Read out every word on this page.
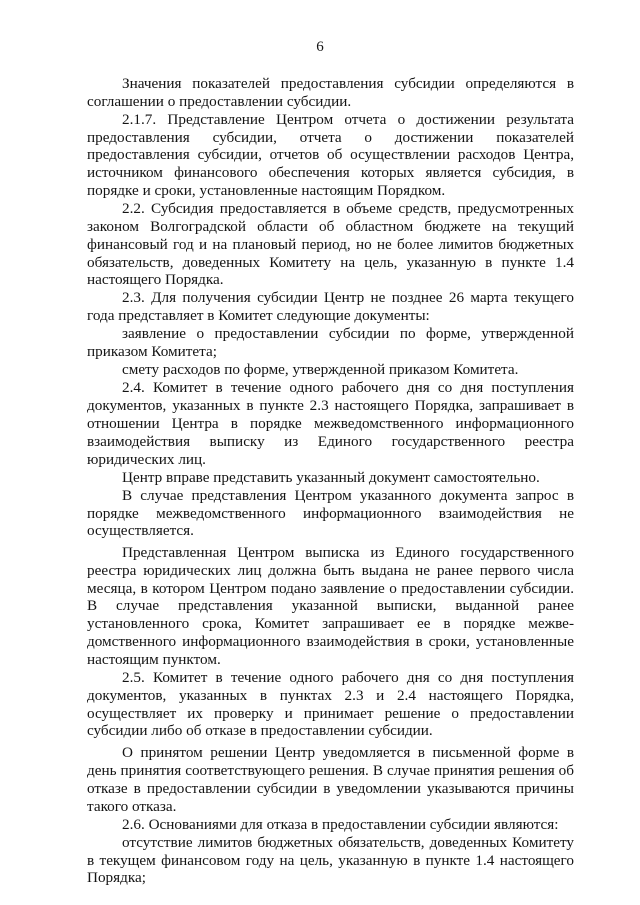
6

Значения показателей предоставления субсидии определяются в соглашении о предоставлении субсидии.

2.1.7. Представление Центром отчета о достижении результата предоставления субсидии, отчета о достижении показателей предоставления субсидии, отчетов об осуществлении расходов Центра, источником финансового обеспечения которых является субсидия, в порядке и сроки, установленные настоящим Порядком.

2.2. Субсидия предоставляется в объеме средств, предусмотренных законом Волгоградской области об областном бюджете на текущий финансовый год и на плановый период, но не более лимитов бюджетных обязательств, доведенных Комитету на цель, указанную в пункте 1.4 настоящего Порядка.

2.3. Для получения субсидии Центр не позднее 26 марта текущего года представляет в Комитет следующие документы:

заявление о предоставлении субсидии по форме, утвержденной приказом Комитета;

смету расходов по форме, утвержденной приказом Комитета.

2.4. Комитет в течение одного рабочего дня со дня поступления документов, указанных в пункте 2.3 настоящего Порядка, запрашивает в отношении Центра в порядке межведомственного информационного взаимодействия выписку из Единого государственного реестра юридических лиц.

Центр вправе представить указанный документ самостоятельно.

В случае представления Центром указанного документа запрос в порядке межведомственного информационного взаимодействия не осуществляется.

Представленная Центром выписка из Единого государственного реестра юридических лиц должна быть выдана не ранее первого числа месяца, в котором Центром подано заявление о предоставлении субсидии. В случае представления указанной выписки, выданной ранее установленного срока, Комитет запрашивает ее в порядке межведомственного информационного взаимодействия в сроки, установленные настоящим пунктом.

2.5. Комитет в течение одного рабочего дня со дня поступления документов, указанных в пунктах 2.3 и 2.4 настоящего Порядка, осуществляет их проверку и принимает решение о предоставлении субсидии либо об отказе в предоставлении субсидии.

О принятом решении Центр уведомляется в письменной форме в день принятия соответствующего решения. В случае принятия решения об отказе в предоставлении субсидии в уведомлении указываются причины такого отказа.

2.6. Основаниями для отказа в предоставлении субсидии являются:

отсутствие лимитов бюджетных обязательств, доведенных Комитету в текущем финансовом году на цель, указанную в пункте 1.4 настоящего Порядка;
